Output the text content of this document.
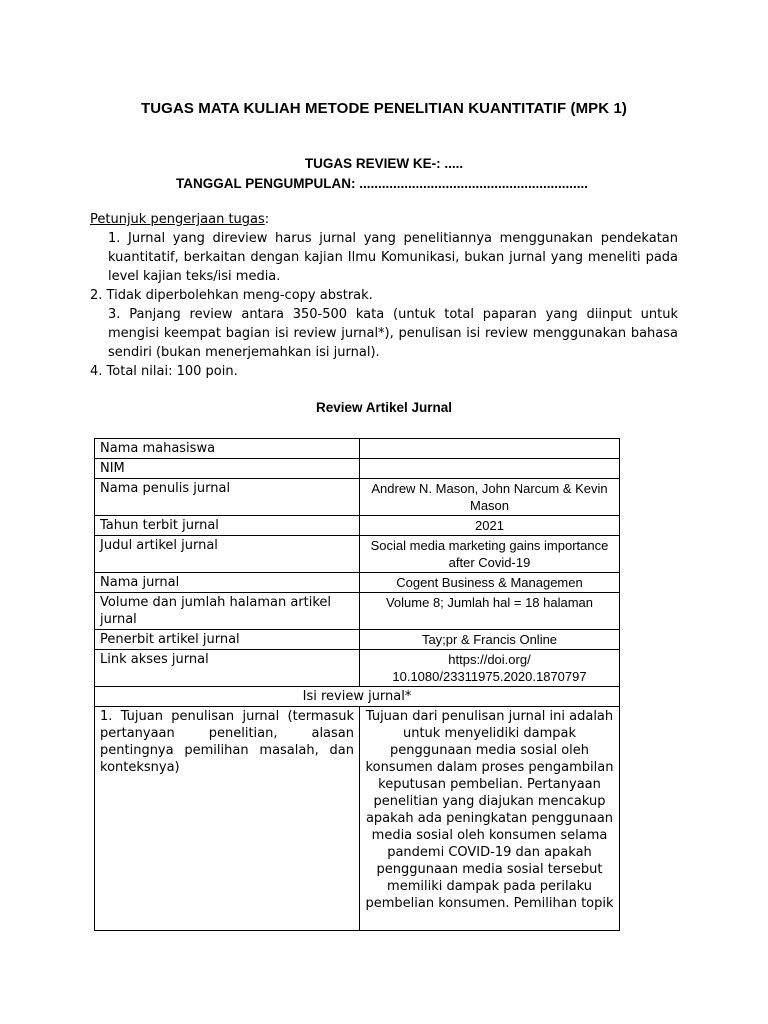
TUGAS MATA KULIAH METODE PENELITIAN KUANTITATIF (MPK 1)
TUGAS REVIEW KE-: .....
TANGGAL PENGUMPULAN: .............................................................
Petunjuk pengerjaan tugas:
1. Jurnal yang direview harus jurnal yang penelitiannya menggunakan pendekatan kuantitatif, berkaitan dengan kajian Ilmu Komunikasi, bukan jurnal yang meneliti pada level kajian teks/isi media.
2. Tidak diperbolehkan meng-copy abstrak.
3. Panjang review antara 350-500 kata (untuk total paparan yang diinput untuk mengisi keempat bagian isi review jurnal*), penulisan isi review menggunakan bahasa sendiri (bukan menerjemahkan isi jurnal).
4. Total nilai: 100 poin.
Review Artikel Jurnal
Nama mahasiswa	
NIM	
Nama penulis jurnal	Andrew N. Mason, John Narcum & Kevin Mason
Tahun terbit jurnal	2021
Judul artikel jurnal	Social media marketing gains importance after Covid-19
Nama jurnal	Cogent Business & Managemen
Volume dan jumlah halaman artikel jurnal	Volume 8; Jumlah hal = 18 halaman
Penerbit artikel jurnal	Tay;pr & Francis Online
Link akses jurnal	https://doi.org/ 10.1080/23311975.2020.1870797
Isi review jurnal*	
1. Tujuan penulisan jurnal (termasuk pertanyaan penelitian, alasan pentingnya pemilihan masalah, dan konteksnya)	Tujuan dari penulisan jurnal ini adalah untuk menyelidiki dampak penggunaan media sosial oleh konsumen dalam proses pengambilan keputusan pembelian. Pertanyaan penelitian yang diajukan mencakup apakah ada peningkatan penggunaan media sosial oleh konsumen selama pandemi COVID-19 dan apakah penggunaan media sosial tersebut memiliki dampak pada perilaku pembelian konsumen. Pemilihan topik
